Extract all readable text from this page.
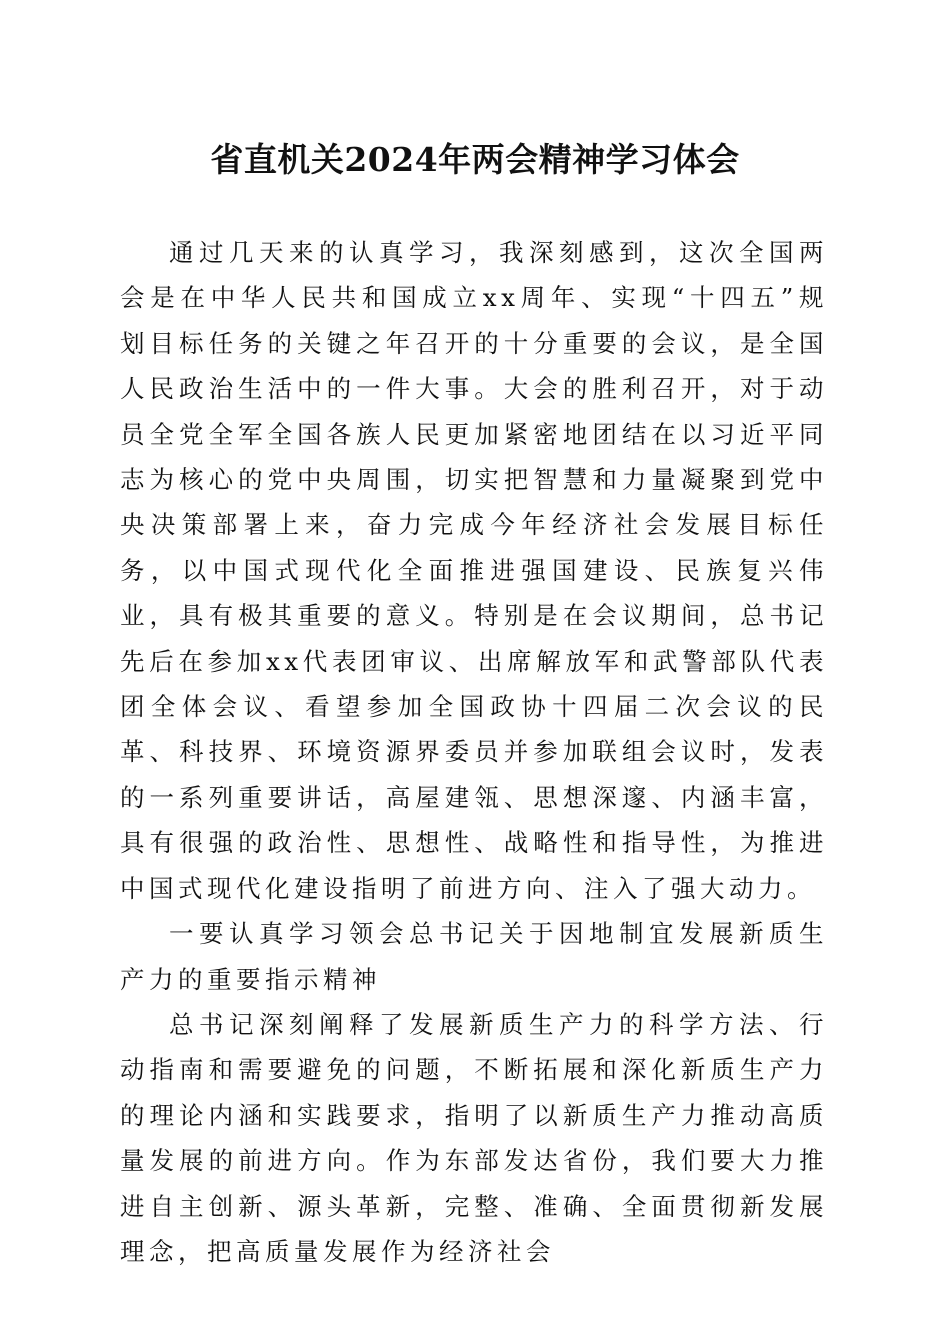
省直机关2024年两会精神学习体会

通过几天来的认真学习，我深刻感到，这次全国两会是在中华人民共和国成立xx周年、实现“十四五”规划目标任务的关键之年召开的十分重要的会议，是全国人民政治生活中的一件大事。大会的胜利召开，对于动员全党全军全国各族人民更加紧密地团结在以习近平同志为核心的党中央周围，切实把智慧和力量凝聚到党中央决策部署上来，奋力完成今年经济社会发展目标任务，以中国式现代化全面推进强国建设、民族复兴伟业，具有极其重要的意义。特别是在会议期间，总书记先后在参加xx代表团审议、出席解放军和武警部队代表团全体会议、看望参加全国政协十四届二次会议的民革、科技界、环境资源界委员并参加联组会议时，发表的一系列重要讲话，高屋建瓴、思想深邃、内涵丰富，具有很强的政治性、思想性、战略性和指导性，为推进中国式现代化建设指明了前进方向、注入了强大动力。

一要认真学习领会总书记关于因地制宜发展新质生产力的重要指示精神

总书记深刻阐释了发展新质生产力的科学方法、行动指南和需要避免的问题，不断拓展和深化新质生产力的理论内涵和实践要求，指明了以新质生产力推动高质量发展的前进方向。作为东部发达省份，我们要大力推进自主创新、源头革新，完整、准确、全面贯彻新发展理念，把高质量发展作为经济社会
